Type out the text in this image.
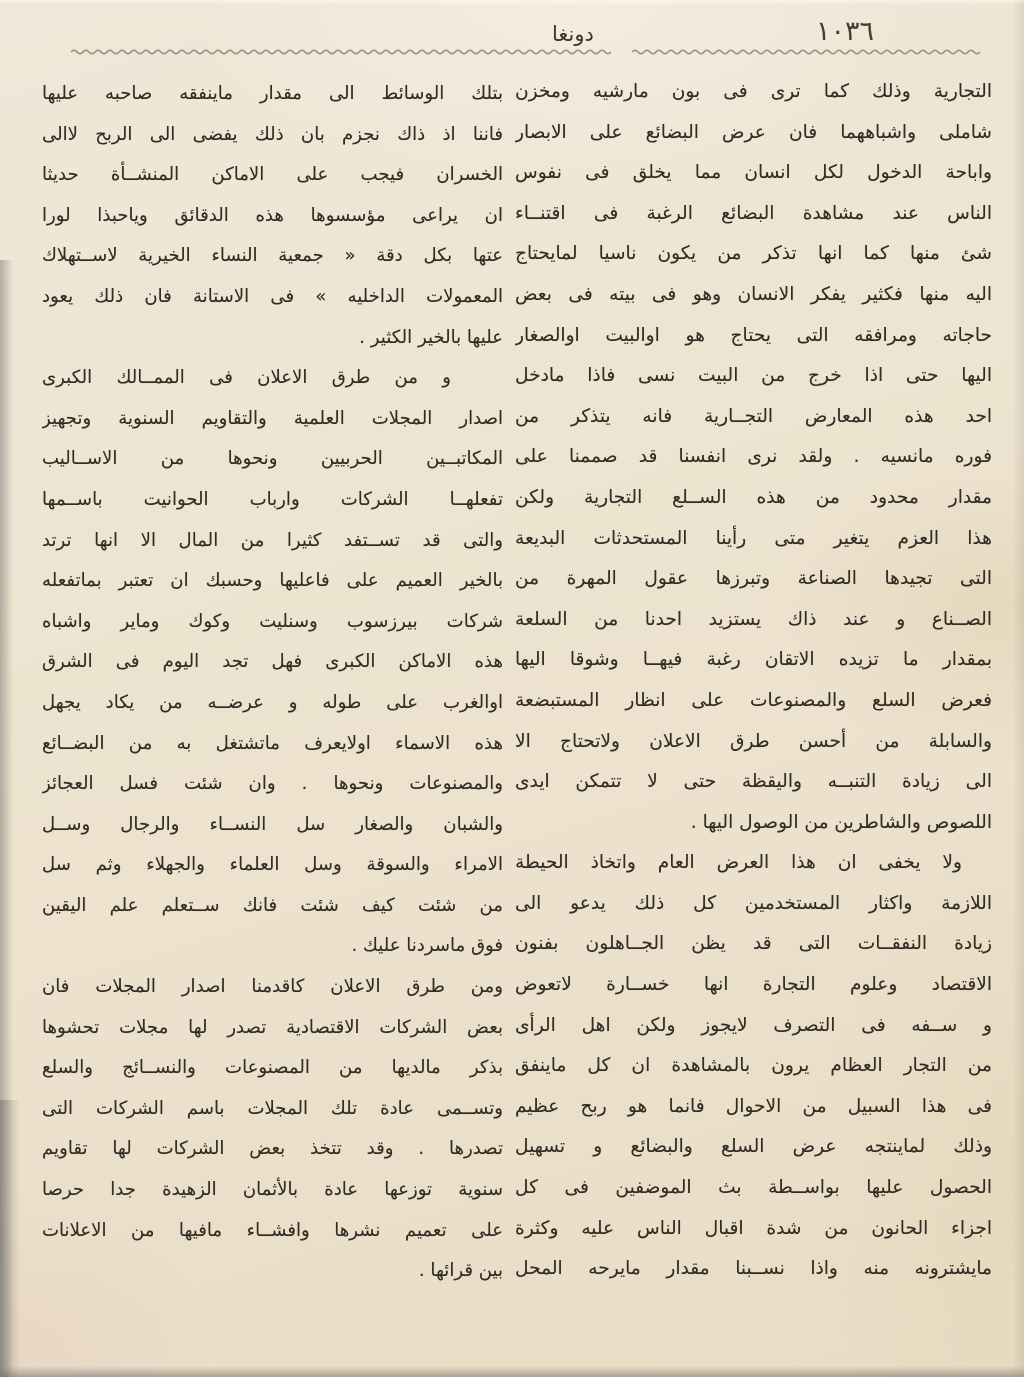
١٠٣٦
دونغا
التجارية وذلك كما ترى فى بون مارشيه ومخزن
شاملى واشباههما فان عرض البضائع على الابصار
واباحة الدخول لكل انسان مما يخلق فى نفوس
الناس عند مشاهدة البضائع الرغبة فى اقتنــاء
شئ منها كما انها تذكر من يكون ناسيا لمايحتاج
اليه منها فكثير يفكر الانسان وهو فى بيته فى بعض
حاجاته ومرافقه التى يحتاج هو اوالبيت اوالصغار
اليها حتى اذا خرج من البيت نسى فاذا مادخل
احد هذه المعارض التجــارية فانه يتذكر من
فوره مانسيه . ولقد نرى انفسنا قد صممنا على
مقدار محدود من هذه الســلع التجارية ولكن
هذا العزم يتغير متى رأينا المستحدثات البديعة
التى تجيدها الصناعة وتبرزها عقول المهرة من
الصــناع و عند ذاك يستزيد احدنا من السلعة
بمقدار ما تزيده الاتقان رغبة فيهــا وشوقا اليها
فعرض السلع والمصنوعات على انظار المستبضعة
والسابلة من أحسن طرق الاعلان ولاتحتاج الا
الى زيادة التنبــه واليقظة حتى لا تتمكن ايدى
اللصوص والشاطرين من الوصول اليها .
ولا يخفى ان هذا العرض العام واتخاذ الحيطة
اللازمة واكثار المستخدمين كل ذلك يدعو الى
زيادة النفقــات التى قد يظن الجــاهلون بفنون
الاقتصاد وعلوم التجارة انها خســارة لاتعوض
و ســفه فى التصرف لايجوز ولكن اهل الرأى
من التجار العظام يرون بالمشاهدة ان كل ماينفق
فى هذا السبيل من الاحوال فانما هو ربح عظيم
وذلك لماينتجه عرض السلع والبضائع و تسهيل
الحصول عليها بواســطة بث الموضفين فى كل
اجزاء الحانون من شدة اقبال الناس عليه وكثرة
مايشترونه منه واذا نســبنا مقدار مايرحه المحل
بتلك الوسائط الى مقدار ماينفقه صاحبه عليها
فاننا اذ ذاك نجزم بان ذلك يفضى الى الربح لاالى
الخسران فيجب على الاماكن المنشــأة حديثا
ان يراعى مؤسسوها هذه الدقائق وياحبذا لورا
عتها بكل دقة « جمعية النساء الخيرية لاســتهلاك
المعمولات الداخليه » فى الاستانة فان ذلك يعود
عليها بالخير الكثير .
و من طرق الاعلان فى الممــالك الكبرى
اصدار المجلات العلمية والتقاويم السنوية وتجهيز
المكاتبــين الحربيين ونحوها من الاســاليب
تفعلهــا الشركات وارباب الحوانيت باســمها
والتى قد تســتفد كثيرا من المال الا انها ترتد
بالخير العميم على فاعليها وحسبك ان تعتبر بماتفعله
شركات بيرزسوب وسنليت وكوك وماير واشباه
هذه الاماكن الكبرى فهل تجد اليوم فى الشرق
اوالغرب على طوله و عرضــه من يكاد يجهل
هذه الاسماء اولايعرف ماتشتغل به من البضــائع
والمصنوعات ونحوها . وان شئت فسل العجائز
والشبان والصغار سل النســاء والرجال وســل
الامراء والسوقة وسل العلماء والجهلاء وثم سل
من شئت كيف شئت فانك ســتعلم علم اليقين
فوق ماسردنا عليك .
ومن طرق الاعلان كاقدمنا اصدار المجلات فان
بعض الشركات الاقتصادية تصدر لها مجلات تحشوها
بذكر مالديها من المصنوعات والنســائج والسلع
وتســمى عادة تلك المجلات باسم الشركات التى
تصدرها . وقد تتخذ بعض الشركات لها تقاويم
سنوية توزعها عادة بالأثمان الزهيدة جدا حرصا
على تعميم نشرها وافشــاء مافيها من الاعلانات
بين قرائها .
